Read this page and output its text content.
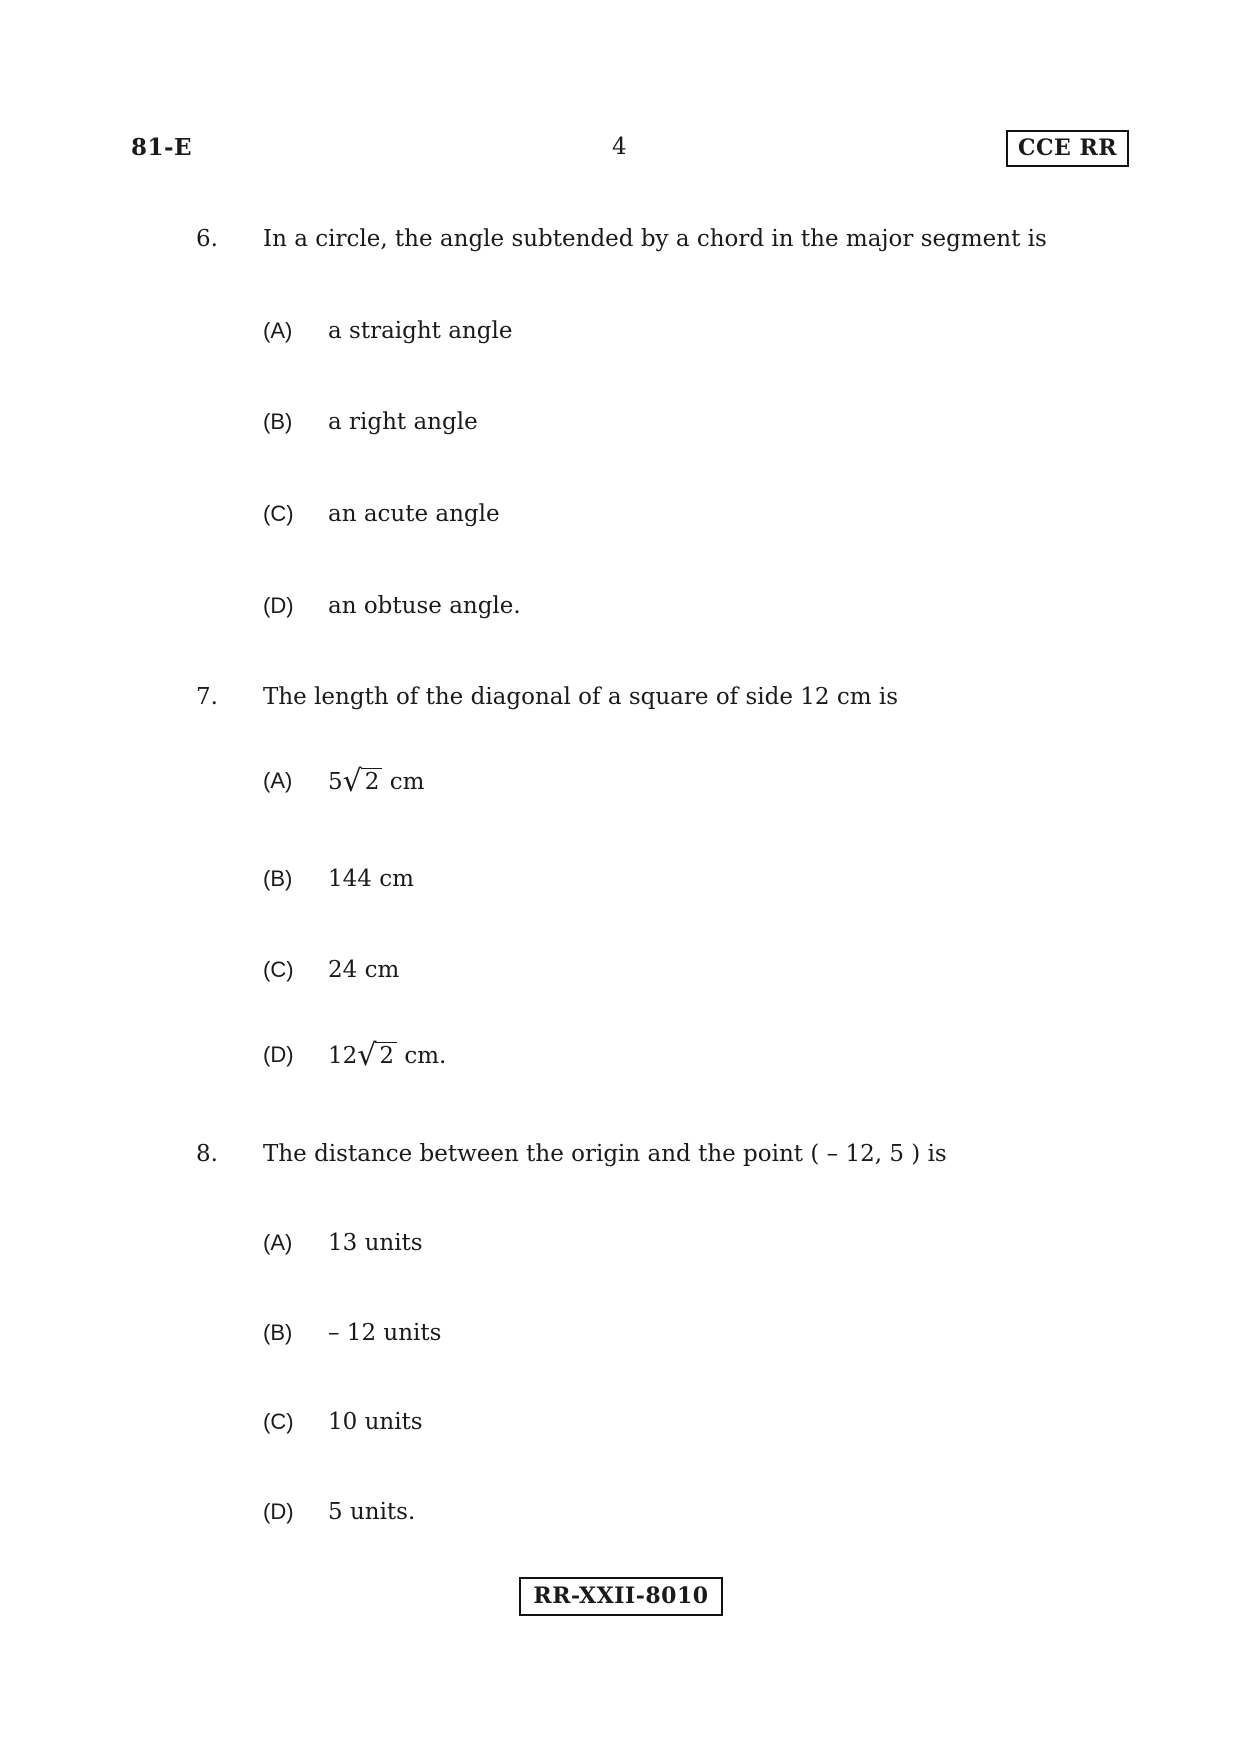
81-E	4	CCE RR
6. In a circle, the angle subtended by a chord in the major segment is
(A) a straight angle
(B) a right angle
(C) an acute angle
(D) an obtuse angle.
7. The length of the diagonal of a square of side 12 cm is
(A) 5√ 2 cm
(B) 144 cm
(C) 24 cm
(D) 12√ 2 cm.
8. The distance between the origin and the point ( – 12, 5 ) is
(A) 13 units
(B) – 12 units
(C) 10 units
(D) 5 units.
RR-XXII-8010
